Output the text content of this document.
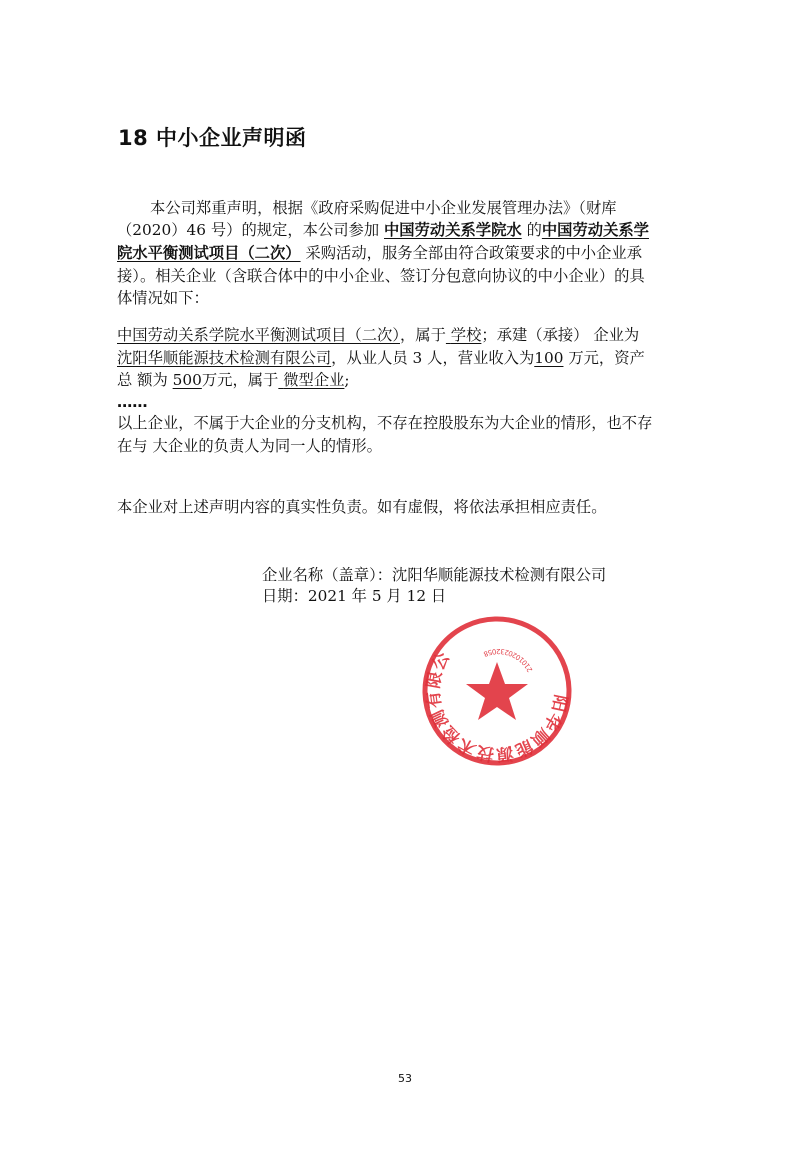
18 中小企业声明函
本公司郑重声明，根据《政府采购促进中小企业发展管理办法》（财库
（2020）46 号）的规定，本公司参加 中国劳动关系学院水 的中国劳动关系学
院水平衡测试项目（二次） 采购活动，服务全部由符合政策要求的中小企业承
接）。相关企业（含联合体中的中小企业、签订分包意向协议的中小企业）的具
体情况如下：
中国劳动关系学院水平衡测试项目（二次），属于 学校；承建（承接） 企业为
沈阳华顺能源技术检测有限公司，从业人员 3 人，营业收入为100 万元，资产
总 额为 500万元，属于 微型企业;
……
以上企业，不属于大企业的分支机构，不存在控股股东为大企业的情形，也不存
在与 大企业的负责人为同一人的情形。
本企业对上述声明内容的真实性负责。如有虚假，将依法承担相应责任。
企业名称（盖章）：沈阳华顺能源技术检测有限公司
日期：2021 年 5 月 12 日
沈阳华顺能源技术检测有限公司
2101020232058
53
